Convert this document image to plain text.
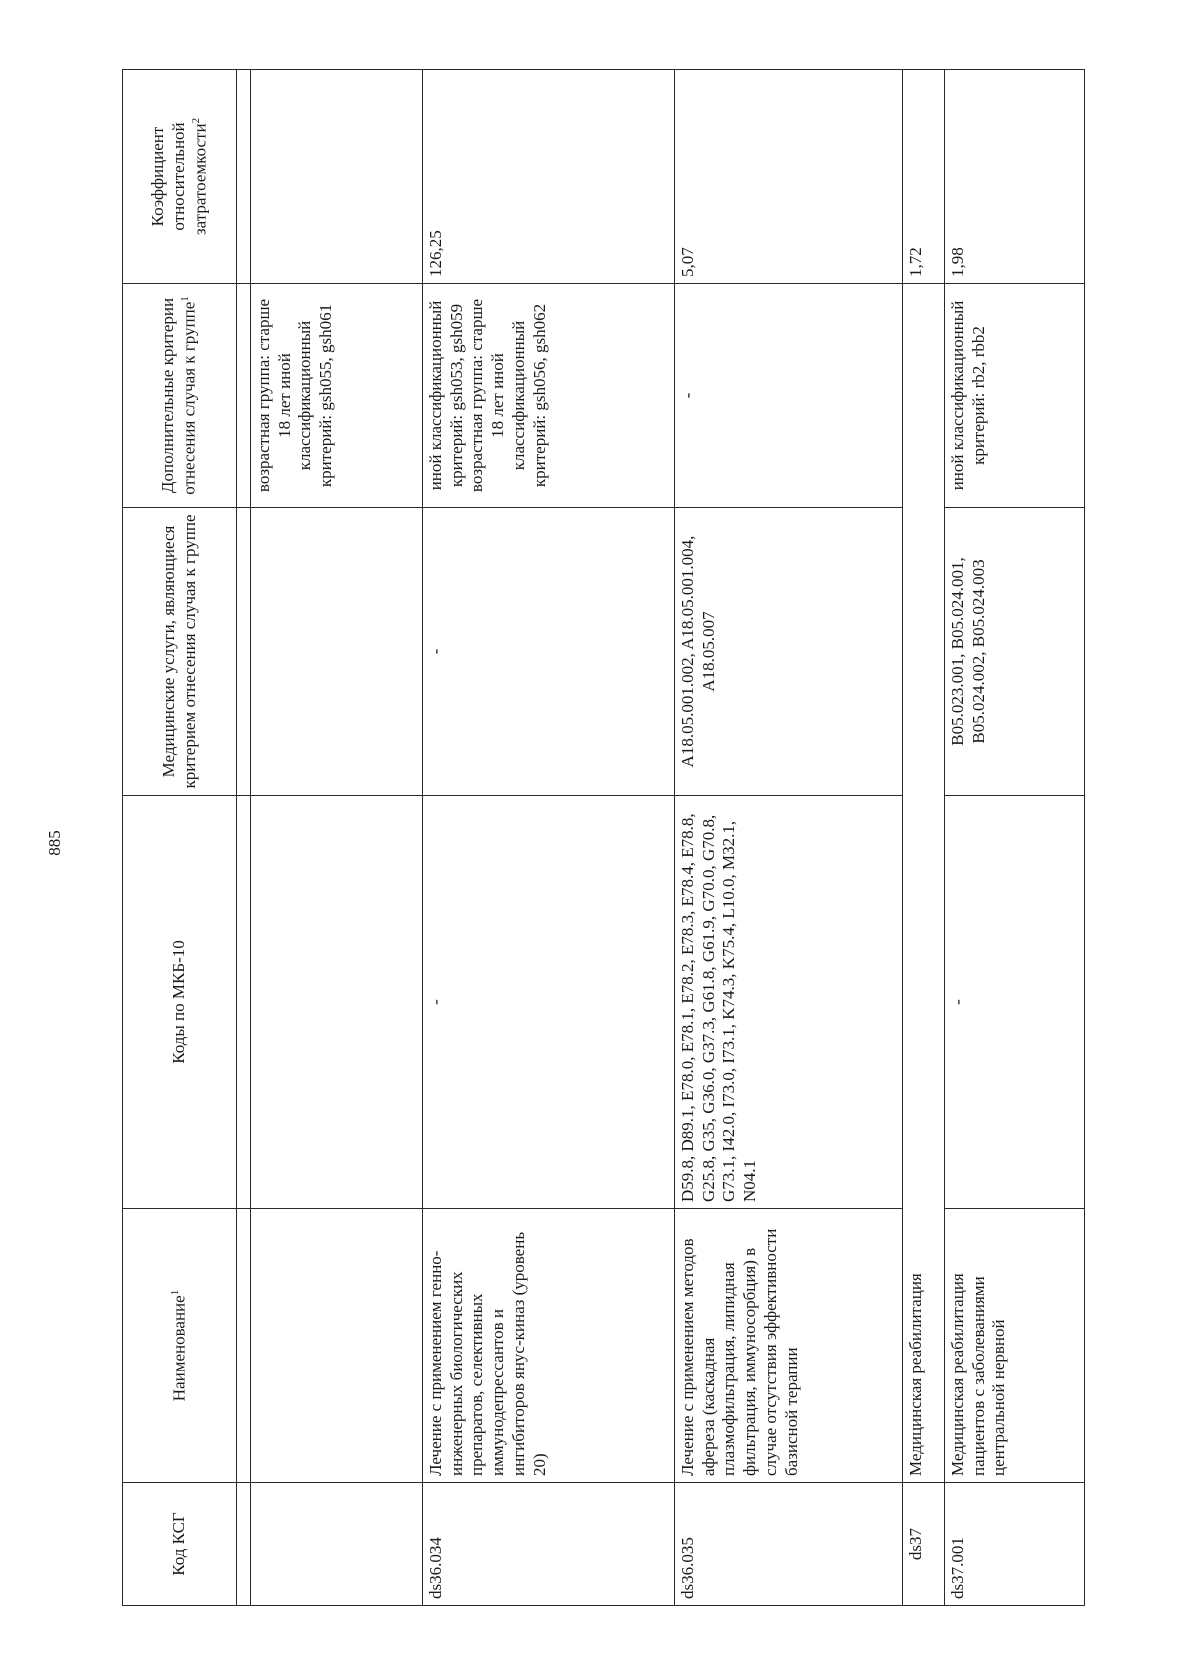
885
Код КСГ	Наименование$^1$	Коды по МКБ-10	Медицинские услуги, являющиеся критерием отнесения случая к группе	Дополнительные критерии отнесения случая к группе$^1$	Коэффициент относительной затратоемкости$^2$

				возрастная группа: старше 18 лет иной классификационный критерий: gsh055, gsh061	
ds36.034	Лечение с применением генно-инженерных биологических препаратов, селективных иммунодепрессантов и ингибиторов янус-киназ (уровень 20)	-	-	иной классификационный критерий: gsh053, gsh059 возрастная группа: старше 18 лет иной классификационный критерий: gsh056, gsh062	126,25
ds36.035	Лечение с применением методов афереза (каскадная плазмофильтрация, липидная фильтрация, иммуносорбция) в случае отсутствия эффективности базисной терапии	D59.8, D89.1, E78.0, E78.1, E78.2, E78.3, E78.4, E78.8, G25.8, G35, G36.0, G37.3, G61.8, G61.9, G70.0, G70.8, G73.1, I42.0, I73.0, I73.1, K74.3, K75.4, L10.0, M32.1, N04.1	A18.05.001.002, A18.05.001.004, A18.05.007	-	5,07
ds37	Медицинская реабилитация				1,72
ds37.001	Медицинская реабилитация пациентов с заболеваниями центральной нервной	-	B05.023.001, B05.024.001, B05.024.002, B05.024.003	иной классификационный критерий: rb2, rbb2	1,98
